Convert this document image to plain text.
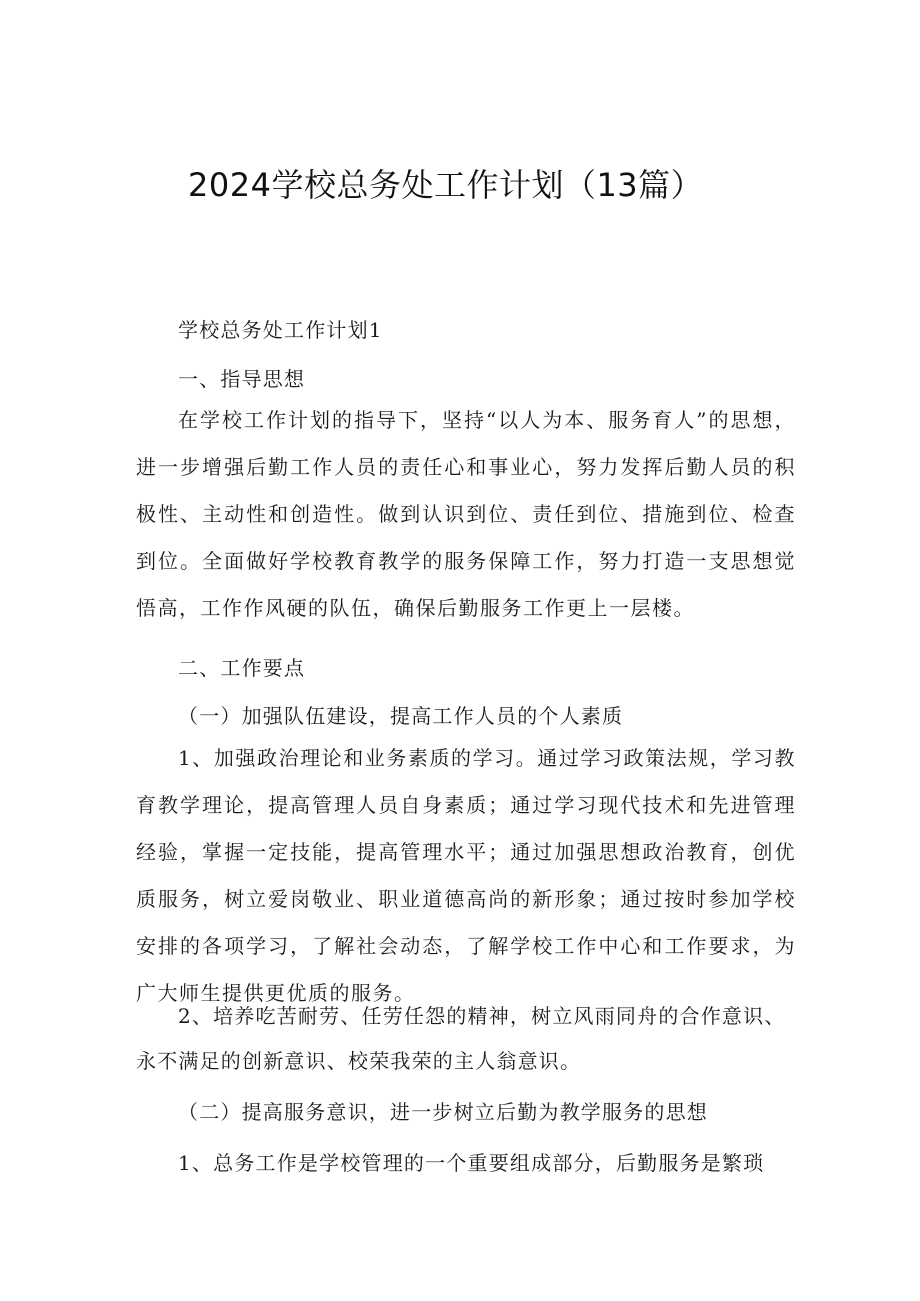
2024学校总务处工作计划（13篇）
学校总务处工作计划1
一、指导思想
在学校工作计划的指导下，坚持“以人为本、服务育人”的思想，进一步增强后勤工作人员的责任心和事业心，努力发挥后勤人员的积极性、主动性和创造性。做到认识到位、责任到位、措施到位、检查到位。全面做好学校教育教学的服务保障工作，努力打造一支思想觉悟高，工作作风硬的队伍，确保后勤服务工作更上一层楼。
二、工作要点
（一）加强队伍建设，提高工作人员的个人素质
1、加强政治理论和业务素质的学习。通过学习政策法规，学习教育教学理论，提高管理人员自身素质；通过学习现代技术和先进管理经验，掌握一定技能，提高管理水平；通过加强思想政治教育，创优质服务，树立爱岗敬业、职业道德高尚的新形象；通过按时参加学校安排的各项学习，了解社会动态，了解学校工作中心和工作要求，为广大师生提供更优质的服务。
2、培养吃苦耐劳、任劳任怨的精神，树立风雨同舟的合作意识、
永不满足的创新意识、校荣我荣的主人翁意识。
（二）提高服务意识，进一步树立后勤为教学服务的思想
1、总务工作是学校管理的一个重要组成部分，后勤服务是繁琐
